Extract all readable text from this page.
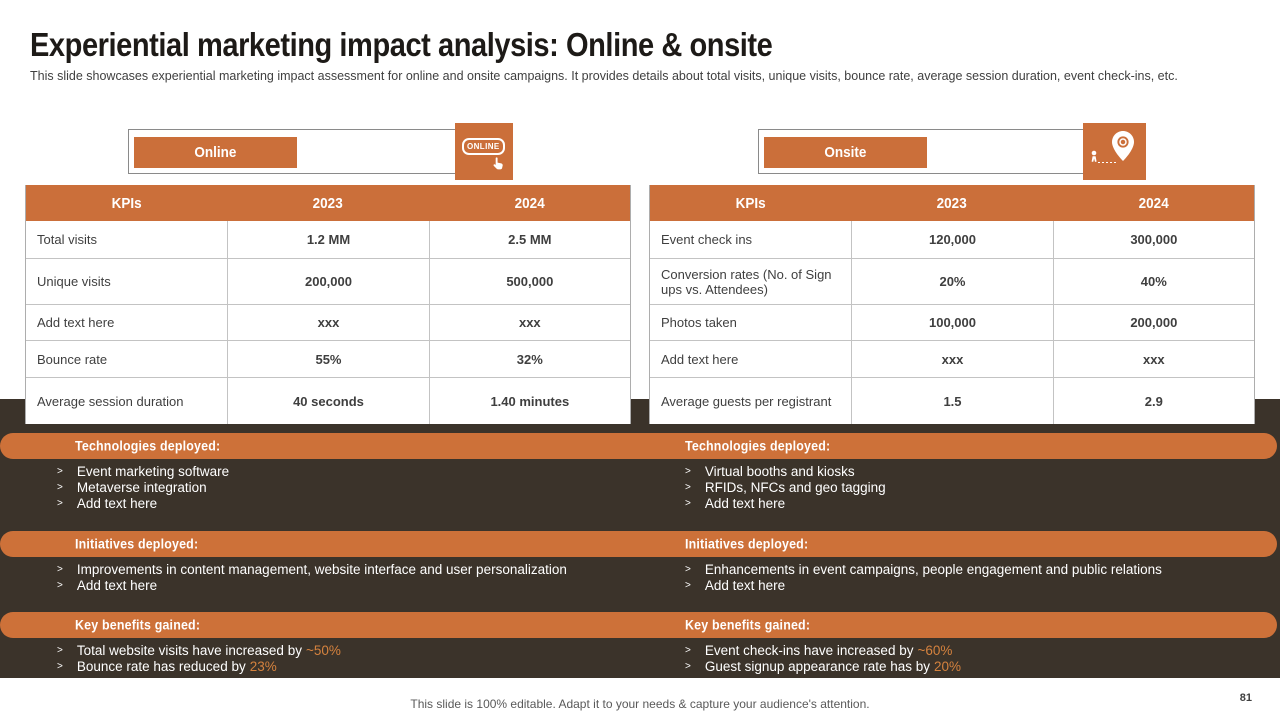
Experiential marketing impact analysis: Online & onsite
This slide showcases experiential marketing impact assessment for online and onsite campaigns. It provides details about total visits, unique visits, bounce rate, average session duration, event check-ins, etc.
Online	ONLINE	Onsite
KPIs	2023	2024
Total visits	1.2 MM	2.5 MM
Unique visits	200,000	500,000
Add text here	xxx	xxx
Bounce rate	55%	32%
Average session duration	40 seconds	1.40 minutes
KPIs	2023	2024
Event check ins	120,000	300,000
Conversion rates (No. of Sign ups vs. Attendees)	20%	40%
Photos taken	100,000	200,000
Add text here	xxx	xxx
Average guests per registrant	1.5	2.9
Technologies deployed:	Technologies deployed:
> Event marketing software
> Metaverse integration
> Add text here
> Virtual booths and kiosks
> RFIDs, NFCs and geo tagging
> Add text here
Initiatives deployed:	Initiatives deployed:
> Improvements in content management, website interface and user personalization
> Add text here
> Enhancements in event campaigns, people engagement and public relations
> Add text here
Key benefits gained:	Key benefits gained:
> Total website visits have increased by ~50%
> Bounce rate has reduced by 23%
> Event check-ins have increased by ~60%
> Guest signup appearance rate has by 20%
This slide is 100% editable. Adapt it to your needs & capture your audience's attention.	81
